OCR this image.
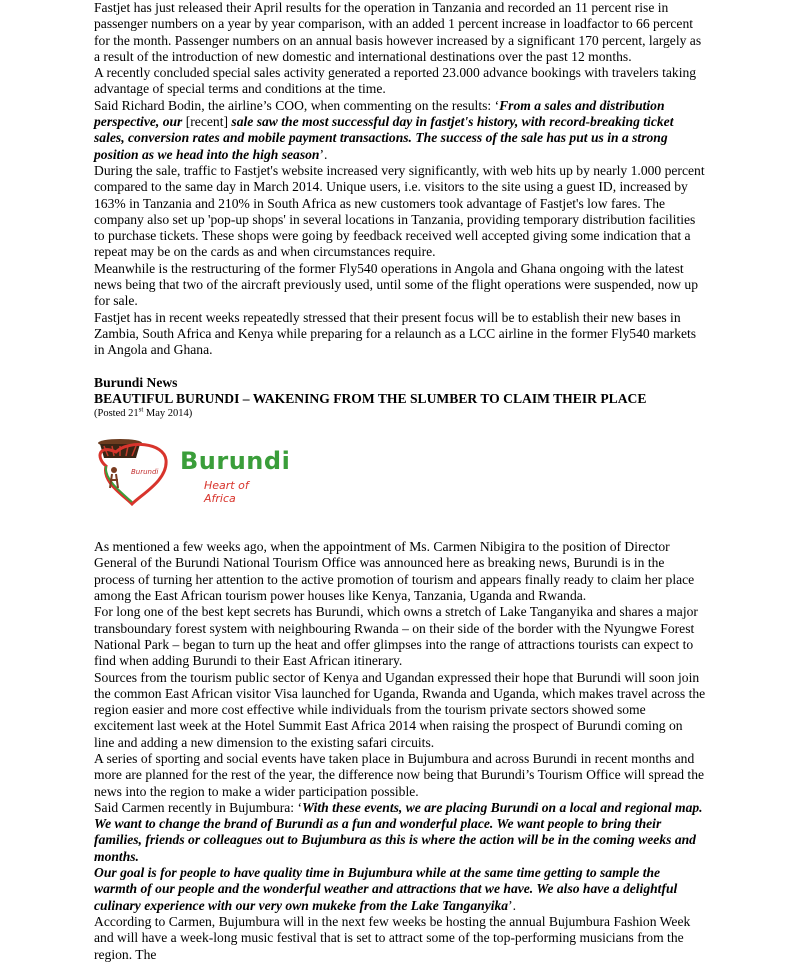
Fastjet has just released their April results for the operation in Tanzania and recorded an 11 percent rise in passenger numbers on a year by year comparison, with an added 1 percent increase in loadfactor to 66 percent for the month. Passenger numbers on an annual basis however increased by a significant 170 percent, largely as a result of the introduction of new domestic and international destinations over the past 12 months.

A recently concluded special sales activity generated a reported 23.000 advance bookings with travelers taking advantage of special terms and conditions at the time.

Said Richard Bodin, the airline’s COO, when commenting on the results: ‘From a sales and distribution perspective, our [recent] sale saw the most successful day in fastjet's history, with record-breaking ticket sales, conversion rates and mobile payment transactions. The success of the sale has put us in a strong position as we head into the high season’.

During the sale, traffic to Fastjet's website increased very significantly, with web hits up by nearly 1.000 percent compared to the same day in March 2014. Unique users, i.e. visitors to the site using a guest ID, increased by 163% in Tanzania and 210% in South Africa as new customers took advantage of Fastjet's low fares. The company also set up 'pop-up shops' in several locations in Tanzania, providing temporary distribution facilities to purchase tickets. These shops were going by feedback received well accepted giving some indication that a repeat may be on the cards as and when circumstances require.

Meanwhile is the restructuring of the former Fly540 operations in Angola and Ghana ongoing with the latest news being that two of the aircraft previously used, until some of the flight operations were suspended, now up for sale.

Fastjet has in recent weeks repeatedly stressed that their present focus will be to establish their new bases in Zambia, South Africa and Kenya while preparing for a relaunch as a LCC airline in the former Fly540 markets in Angola and Ghana.

Burundi News

BEAUTIFUL BURUNDI – WAKENING FROM THE SLUMBER TO CLAIM THEIR PLACE

(Posted 21st May 2014)

Burundi Burundi
Heart of Africa

As mentioned a few weeks ago, when the appointment of Ms. Carmen Nibigira to the position of Director General of the Burundi National Tourism Office was announced here as breaking news, Burundi is in the process of turning her attention to the active promotion of tourism and appears finally ready to claim her place among the East African tourism power houses like Kenya, Tanzania, Uganda and Rwanda.

For long one of the best kept secrets has Burundi, which owns a stretch of Lake Tanganyika and shares a major transboundary forest system with neighbouring Rwanda – on their side of the border with the Nyungwe Forest National Park – began to turn up the heat and offer glimpses into the range of attractions tourists can expect to find when adding Burundi to their East African itinerary.

Sources from the tourism public sector of Kenya and Ugandan expressed their hope that Burundi will soon join the common East African visitor Visa launched for Uganda, Rwanda and Uganda, which makes travel across the region easier and more cost effective while individuals from the tourism private sectors showed some excitement last week at the Hotel Summit East Africa 2014 when raising the prospect of Burundi coming on line and adding a new dimension to the existing safari circuits.

A series of sporting and social events have taken place in Bujumbura and across Burundi in recent months and more are planned for the rest of the year, the difference now being that Burundi’s Tourism Office will spread the news into the region to make a wider participation possible.

Said Carmen recently in Bujumbura: ‘With these events, we are placing Burundi on a local and regional map. We want to change the brand of Burundi as a fun and wonderful place. We want people to bring their families, friends or colleagues out to Bujumbura as this is where the action will be in the coming weeks and months.
Our goal is for people to have quality time in Bujumbura while at the same time getting to sample the warmth of our people and the wonderful weather and attractions that we have. We also have a delightful culinary experience with our very own mukeke from the Lake Tanganyika’.

According to Carmen, Bujumbura will in the next few weeks be hosting the annual Bujumbura Fashion Week and will have a week-long music festival that is set to attract some of the top-performing musicians from the region. The
